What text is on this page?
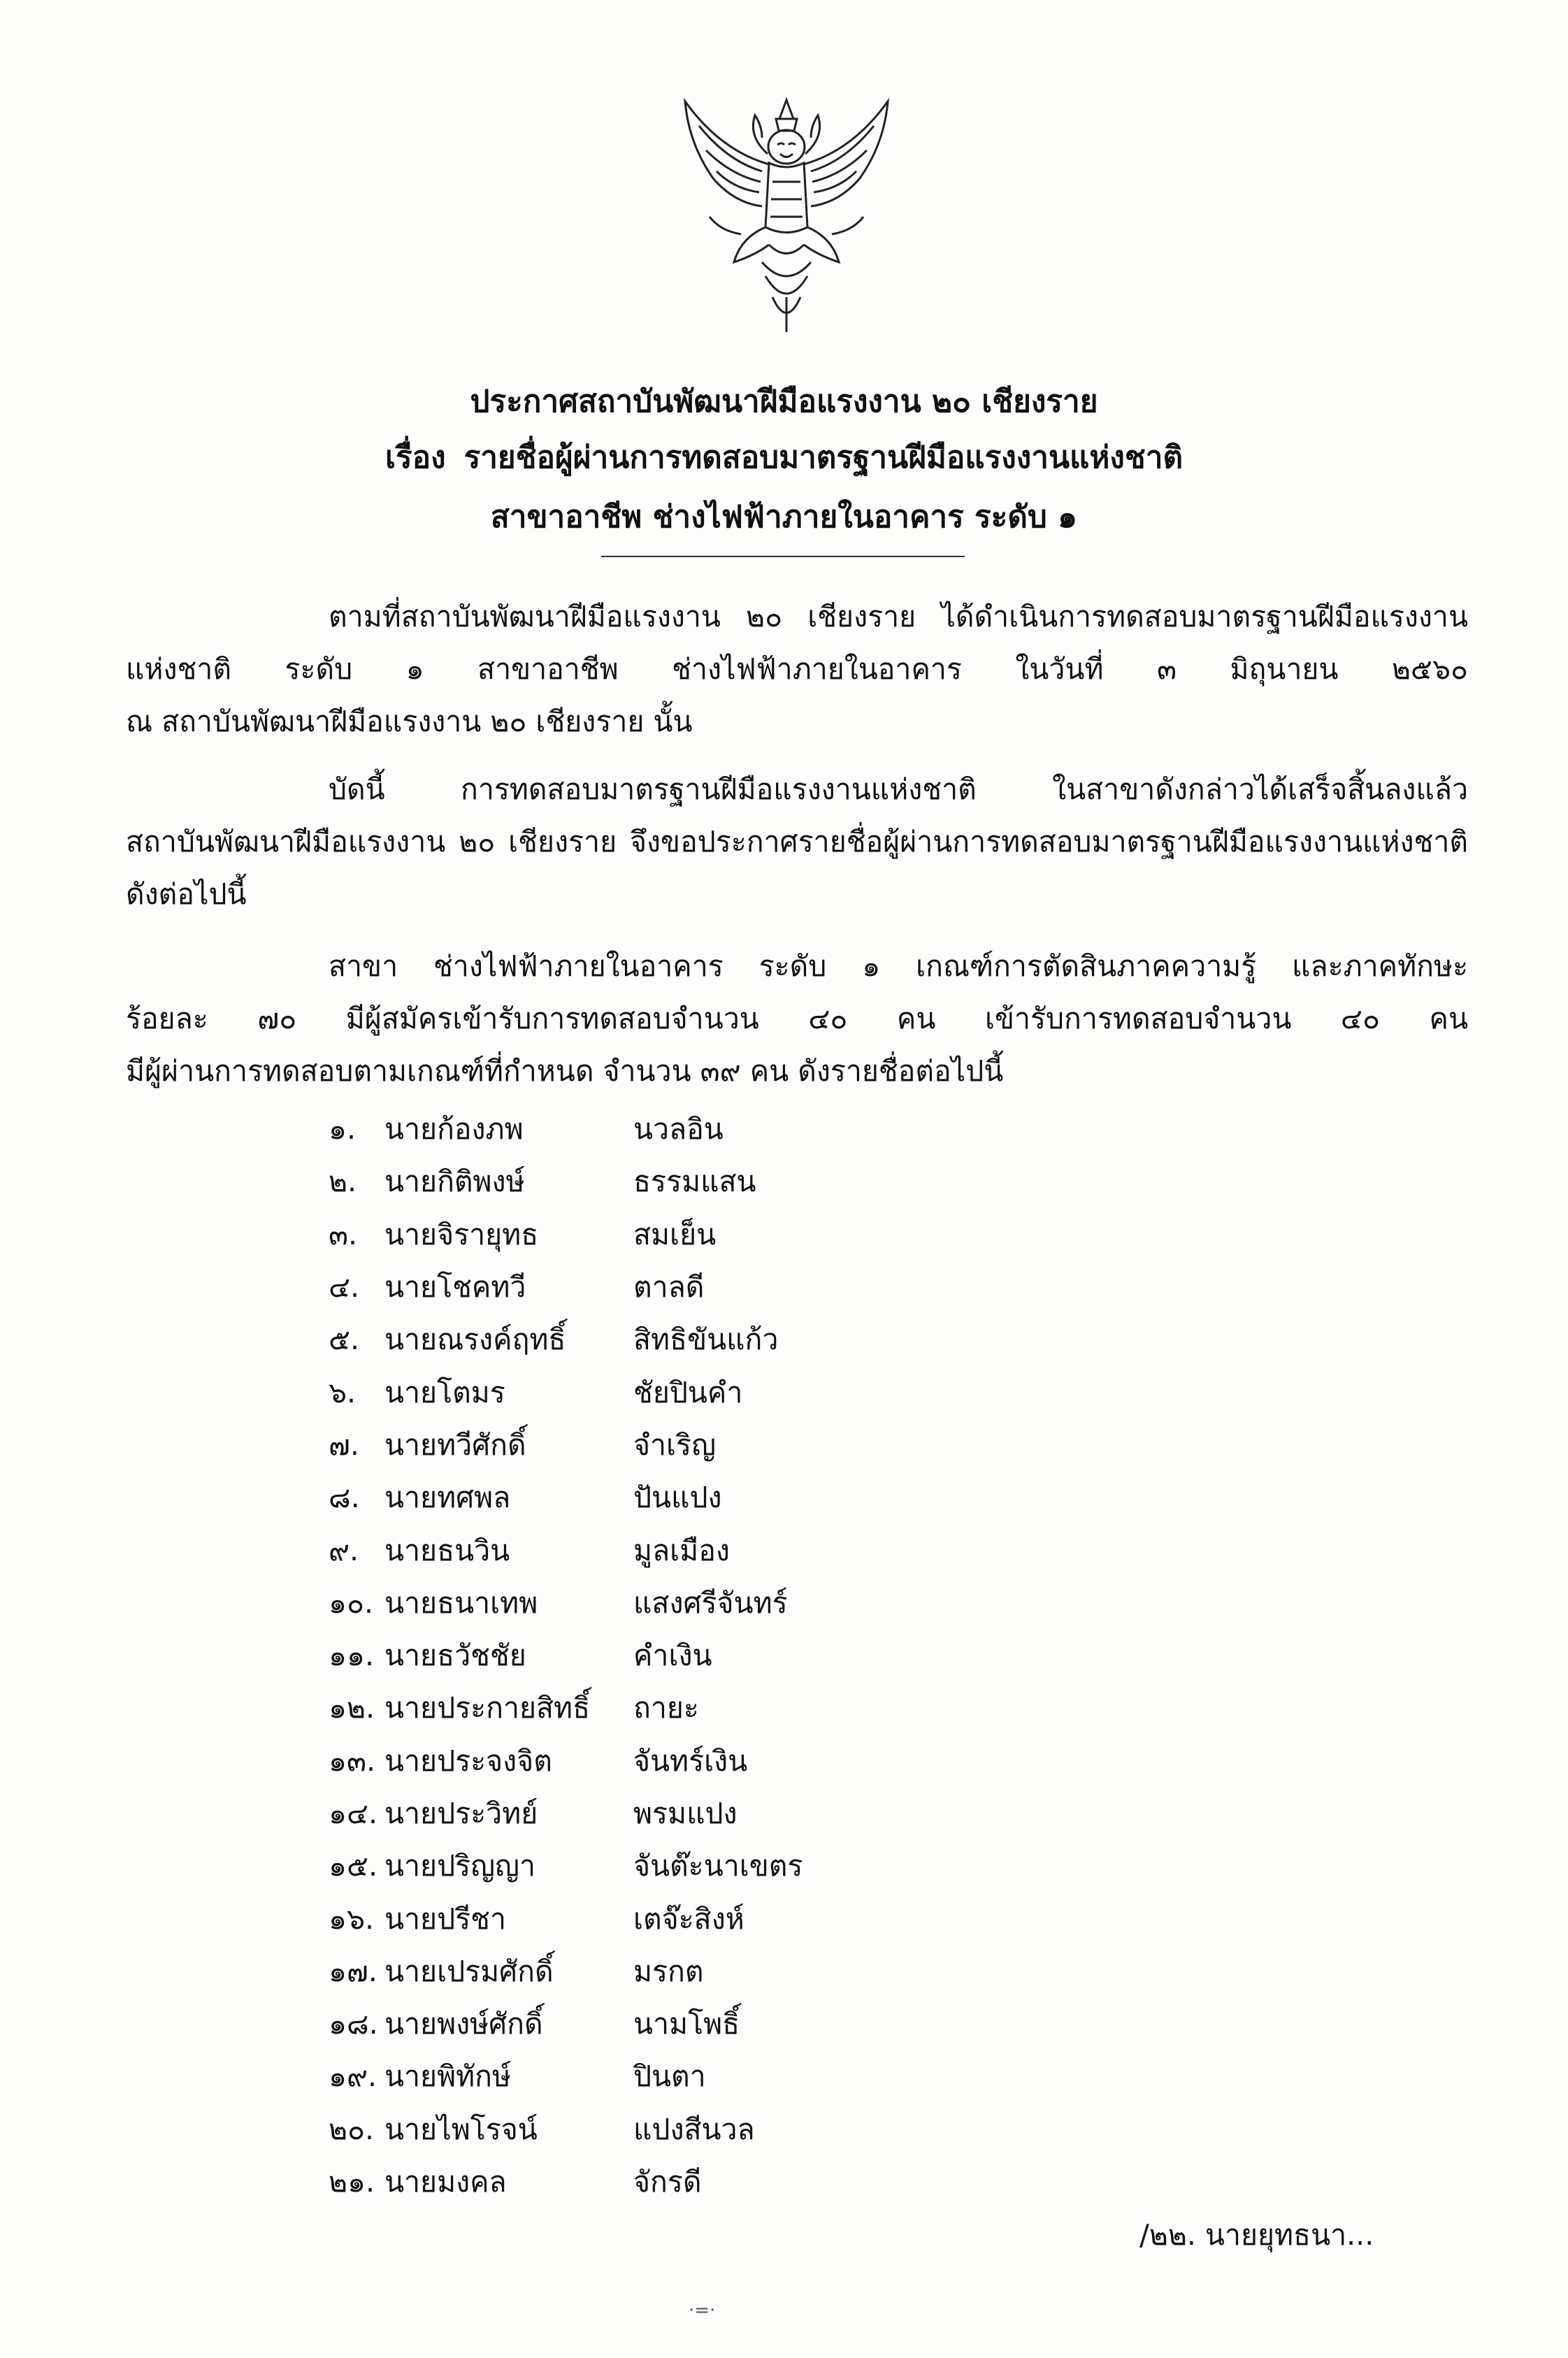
ประกาศสถาบันพัฒนาฝีมือแรงงาน ๒๐ เชียงราย
เรื่อง รายชื่อผู้ผ่านการทดสอบมาตรฐานฝีมือแรงงานแห่งชาติ
สาขาอาชีพ ช่างไฟฟ้าภายในอาคาร ระดับ ๑
ตามที่สถาบันพัฒนาฝีมือแรงงาน ๒๐ เชียงราย ได้ดำเนินการทดสอบมาตรฐานฝีมือแรงงาน
แห่งชาติ ระดับ ๑ สาขาอาชีพ ช่างไฟฟ้าภายในอาคาร ในวันที่ ๓ มิถุนายน ๒๕๖๐
ณ สถาบันพัฒนาฝีมือแรงงาน ๒๐ เชียงราย นั้น
บัดนี้ การทดสอบมาตรฐานฝีมือแรงงานแห่งชาติ ในสาขาดังกล่าวได้เสร็จสิ้นลงแล้ว
สถาบันพัฒนาฝีมือแรงงาน ๒๐ เชียงราย จึงขอประกาศรายชื่อผู้ผ่านการทดสอบมาตรฐานฝีมือแรงงานแห่งชาติ
ดังต่อไปนี้
สาขา ช่างไฟฟ้าภายในอาคาร ระดับ ๑ เกณฑ์การตัดสินภาคความรู้ และภาคทักษะ
ร้อยละ ๗๐ มีผู้สมัครเข้ารับการทดสอบจำนวน ๔๐ คน เข้ารับการทดสอบจำนวน ๔๐ คน
มีผู้ผ่านการทดสอบตามเกณฑ์ที่กำหนด จำนวน ๓๙ คน ดังรายชื่อต่อไปนี้
๑. นายก้องภพ	นวลอิน
๒. นายกิติพงษ์	ธรรมแสน
๓. นายจิรายุทธ	สมเย็น
๔. นายโชคทวี	ตาลดี
๕. นายณรงค์ฤทธิ์	สิทธิขันแก้ว
๖. นายโตมร	ชัยปินคำ
๗. นายทวีศักดิ์	จำเริญ
๘. นายทศพล	ปันแปง
๙. นายธนวิน	มูลเมือง
๑๐. นายธนาเทพ	แสงศรีจันทร์
๑๑. นายธวัชชัย	คำเงิน
๑๒. นายประกายสิทธิ์	ถายะ
๑๓. นายประจงจิต	จันทร์เงิน
๑๔. นายประวิทย์	พรมแปง
๑๕. นายปริญญา	จันต๊ะนาเขตร
๑๖. นายปรีชา	เตจ๊ะสิงห์
๑๗. นายเปรมศักดิ์	มรกต
๑๘. นายพงษ์ศักดิ์	นามโพธิ์
๑๙. นายพิทักษ์	ปินตา
๒๐. นายไพโรจน์	แปงสีนวล
๒๑. นายมงคล	จักรดี
/๒๒. นายยุทธนา...
·=·
